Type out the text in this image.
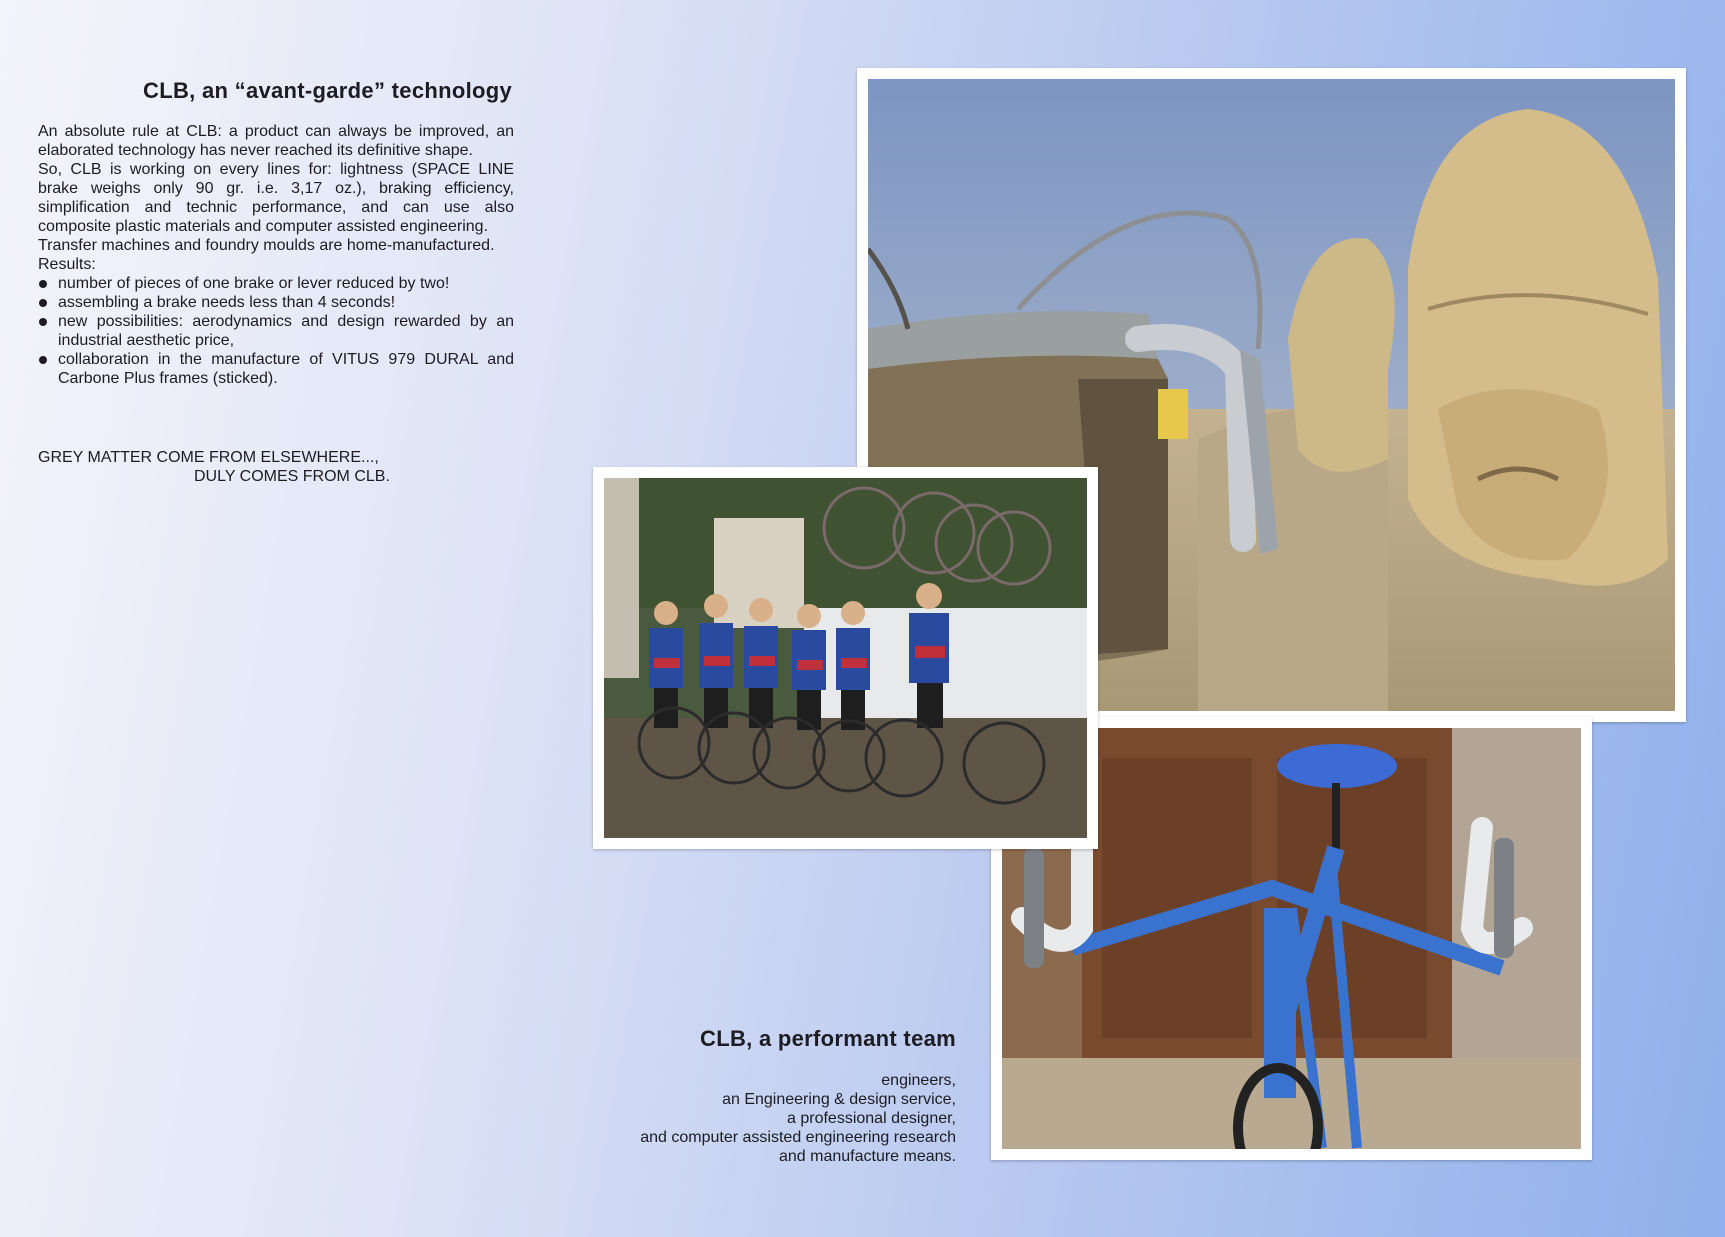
CLB, an “avant-garde” technology

An absolute rule at CLB: a product can always be improved, an elaborated technology has never reached its definitive shape.

So, CLB is working on every lines for: lightness (SPACE LINE brake weighs only 90 gr. i.e. 3,17 oz.), braking efficiency, simplification and technic performance, and can use also composite plastic materials and computer assisted engineering.

Transfer machines and foundry moulds are home-manufactured.

Results:

number of pieces of one brake or lever reduced by two!
assembling a brake needs less than 4 seconds!
new possibilities: aerodynamics and design rewarded by an industrial aesthetic price,
collaboration in the manufacture of VITUS 979 DURAL and Carbone Plus frames (sticked).
GREY MATTER COME FROM ELSEWHERE...,
DULY COMES FROM CLB.
CLB, a performant team
engineers,
an Engineering & design service,
a professional designer,
and computer assisted engineering research
and manufacture means.
